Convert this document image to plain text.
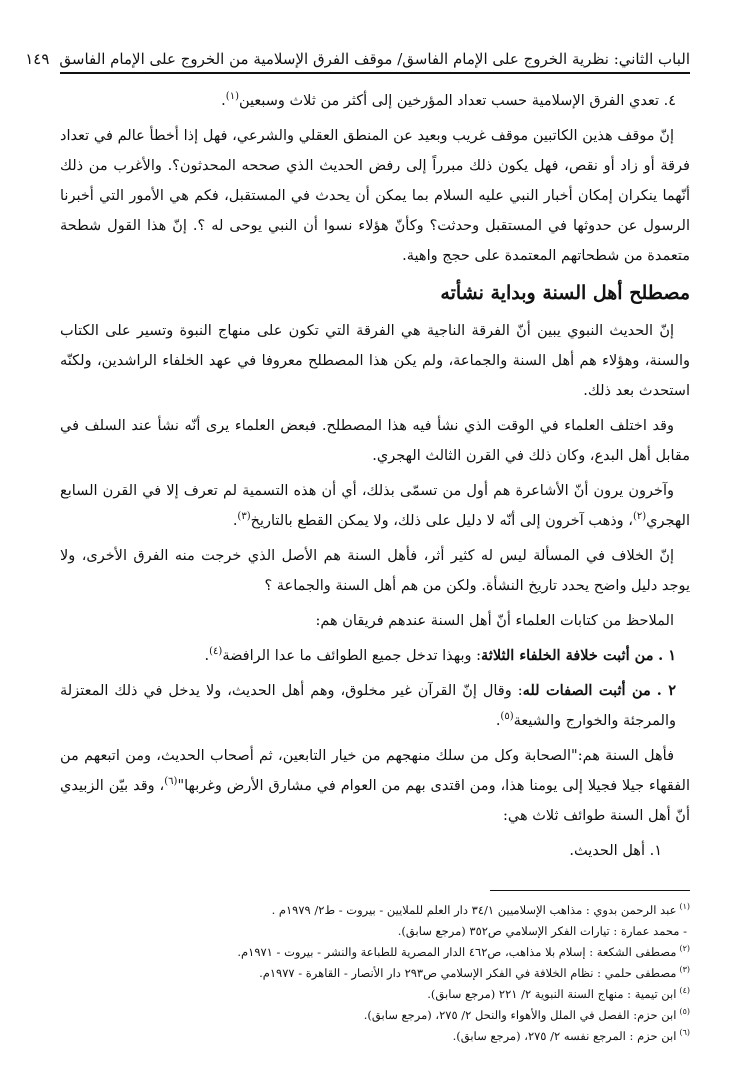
الباب الثاني: نظرية الخروج على الإمام الفاسق/ موقف الفرق الإسلامية من الخروج على الإمام الفاسق
١٤٩

٤. تعدي الفرق الإسلامية حسب تعداد المؤرخين إلى أكثر من ثلاث وسبعين$^{(١)}$.

إنّ موقف هذين الكاتبين موقف غريب وبعيد عن المنطق العقلي والشرعي، فهل إذا أخطأ عالم في تعداد فرقة أو زاد أو نقص، فهل يكون ذلك مبرراً إلى رفض الحديث الذي صححه المحدثون؟. والأغرب من ذلك أنّهما ينكران إمكان أخبار النبي عليه السلام بما يمكن أن يحدث في المستقبل، فكم هي الأمور التي أخبرنا الرسول عن حدوثها في المستقبل وحدثت؟ وكأنّ هؤلاء نسوا أن النبي يوحى له ؟. إنّ هذا القول شطحة متعمدة من شطحاتهم المعتمدة على حجج واهية.

مصطلح أهل السنة وبداية نشأته

إنّ الحديث النبوي يبين أنّ الفرقة الناجية هي الفرقة التي تكون على منهاج النبوة وتسير على الكتاب والسنة، وهؤلاء هم أهل السنة والجماعة، ولم يكن هذا المصطلح معروفا في عهد الخلفاء الراشدين، ولكنّه استحدث بعد ذلك.

وقد اختلف العلماء في الوقت الذي نشأ فيه هذا المصطلح. فبعض العلماء يرى أنّه نشأ عند السلف في مقابل أهل البدع، وكان ذلك في القرن الثالث الهجري.

وآخرون يرون أنّ الأشاعرة هم أول من تسمّى بذلك، أي أن هذه التسمية لم تعرف إلا في القرن السابع الهجري$^{(٢)}$، وذهب آخرون إلى أنّه لا دليل على ذلك، ولا يمكن القطع بالتاريخ$^{(٣)}$.

إنّ الخلاف في المسألة ليس له كثير أثر، فأهل السنة هم الأصل الذي خرجت منه الفرق الأخرى، ولا يوجد دليل واضح يحدد تاريخ النشأة. ولكن من هم أهل السنة والجماعة ؟

الملاحظ من كتابات العلماء أنّ أهل السنة عندهم فريقان هم:

١ . من أثبت خلافة الخلفاء الثلاثة: وبهذا تدخل جميع الطوائف ما عدا الرافضة$^{(٤)}$.

٢ . من أثبت الصفات لله: وقال إنّ القرآن غير مخلوق، وهم أهل الحديث، ولا يدخل في ذلك المعتزلة والمرجئة والخوارج والشيعة$^{(٥)}$.

فأهل السنة هم:"الصحابة وكل من سلك منهجهم من خيار التابعين، ثم أصحاب الحديث، ومن اتبعهم من الفقهاء جيلا فجيلا إلى يومنا هذا، ومن اقتدى بهم من العوام في مشارق الأرض وغربها"$^{(٦)}$، وقد بيّن الزبيدي أنّ أهل السنة طوائف ثلاث هي:

١. أهل الحديث.

$^{(١)}$عبد الرحمن بدوي : مذاهب الإسلاميين ٣٤/١ دار العلم للملايين - بيروت - ط٢/ ١٩٧٩م .

- محمد عمارة : تيارات الفكر الإسلامي ص٣٥٢ (مرجع سابق).

$^{(٢)}$مصطفى الشكعة : إسلام بلا مذاهب، ص٤٦٢ الدار المصرية للطباعة والنشر - بيروت - ١٩٧١م.

$^{(٣)}$مصطفى حلمي : نظام الخلافة في الفكر الإسلامي ص٢٩٣ دار الأنصار - القاهرة - ١٩٧٧م.

$^{(٤)}$ابن تيمية : منهاج السنة النبوية ٢/ ٢٢١ (مرجع سابق).

$^{(٥)}$ابن حزم: الفصل في الملل والأهواء والنحل ٢/ ٢٧٥، (مرجع سابق).

$^{(٦)}$ابن حزم : المرجع نفسه ٢/ ٢٧٥، (مرجع سابق).
